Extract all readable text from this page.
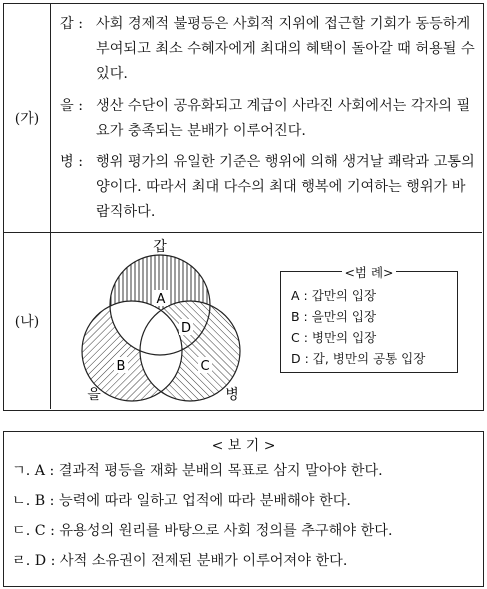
(가)
갑 : 사회 경제적 불평등은 사회적 지위에 접근할 기회가 동등하게 부여되고 최소 수혜자에게 최대의 혜택이 돌아갈 때 허용될 수 있다.
을 : 생산 수단이 공유화되고 계급이 사라진 사회에서는 각자의 필요가 충족되는 분배가 이루어진다.
병 : 행위 평가의 유일한 기준은 행위에 의해 생겨날 쾌락과 고통의 양이다. 따라서 최대 다수의 최대 행복에 기여하는 행위가 바람직하다.
(나)
갑
을	병
A
B	C
D
<범 례>
A : 갑만의 입장
B : 을만의 입장
C : 병만의 입장
D : 갑, 병만의 공통 입장
< 보 기 >
ㄱ. A : 결과적 평등을 재화 분배의 목표로 삼지 말아야 한다.
ㄴ. B : 능력에 따라 일하고 업적에 따라 분배해야 한다.
ㄷ. C : 유용성의 원리를 바탕으로 사회 정의를 추구해야 한다.
ㄹ. D : 사적 소유권이 전제된 분배가 이루어져야 한다.
